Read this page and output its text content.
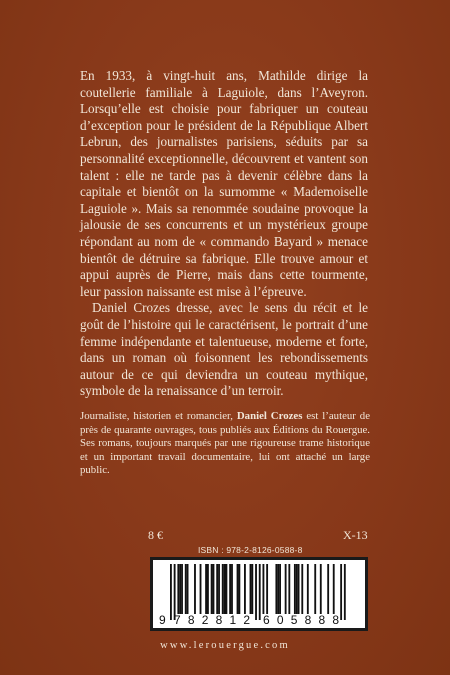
En 1933, à vingt-huit ans, Mathilde dirige la coutellerie familiale à Laguiole, dans l’Aveyron. Lorsqu’elle est choisie pour fabriquer un couteau d’exception pour le président de la République Albert Lebrun, des journalistes parisiens, séduits par sa personnalité exceptionnelle, découvrent et vantent son talent : elle ne tarde pas à devenir célèbre dans la capitale et bientôt on la surnomme « Mademoiselle Laguiole ». Mais sa renommée soudaine provoque la jalousie de ses concurrents et un mystérieux groupe répondant au nom de « commando Bayard » menace bientôt de détruire sa fabrique. Elle trouve amour et appui auprès de Pierre, mais dans cette tourmente, leur passion naissante est mise à l’épreuve.

Daniel Crozes dresse, avec le sens du récit et le goût de l’histoire qui le caractérisent, le portrait d’une femme indépendante et talentueuse, moderne et forte, dans un roman où foisonnent les rebondissements autour de ce qui deviendra un couteau mythique, symbole de la renaissance d’un terroir.

Journaliste, historien et romancier, Daniel Crozes est l’auteur de près de quarante ouvrages, tous publiés aux Éditions du Rouergue. Ses romans, toujours marqués par une rigoureuse trame historique et un important travail documentaire, lui ont attaché un large public.
8 €	X-13
ISBN : 978-2-8126-0588-8
9 782812 605888
www.lerouergue.com
